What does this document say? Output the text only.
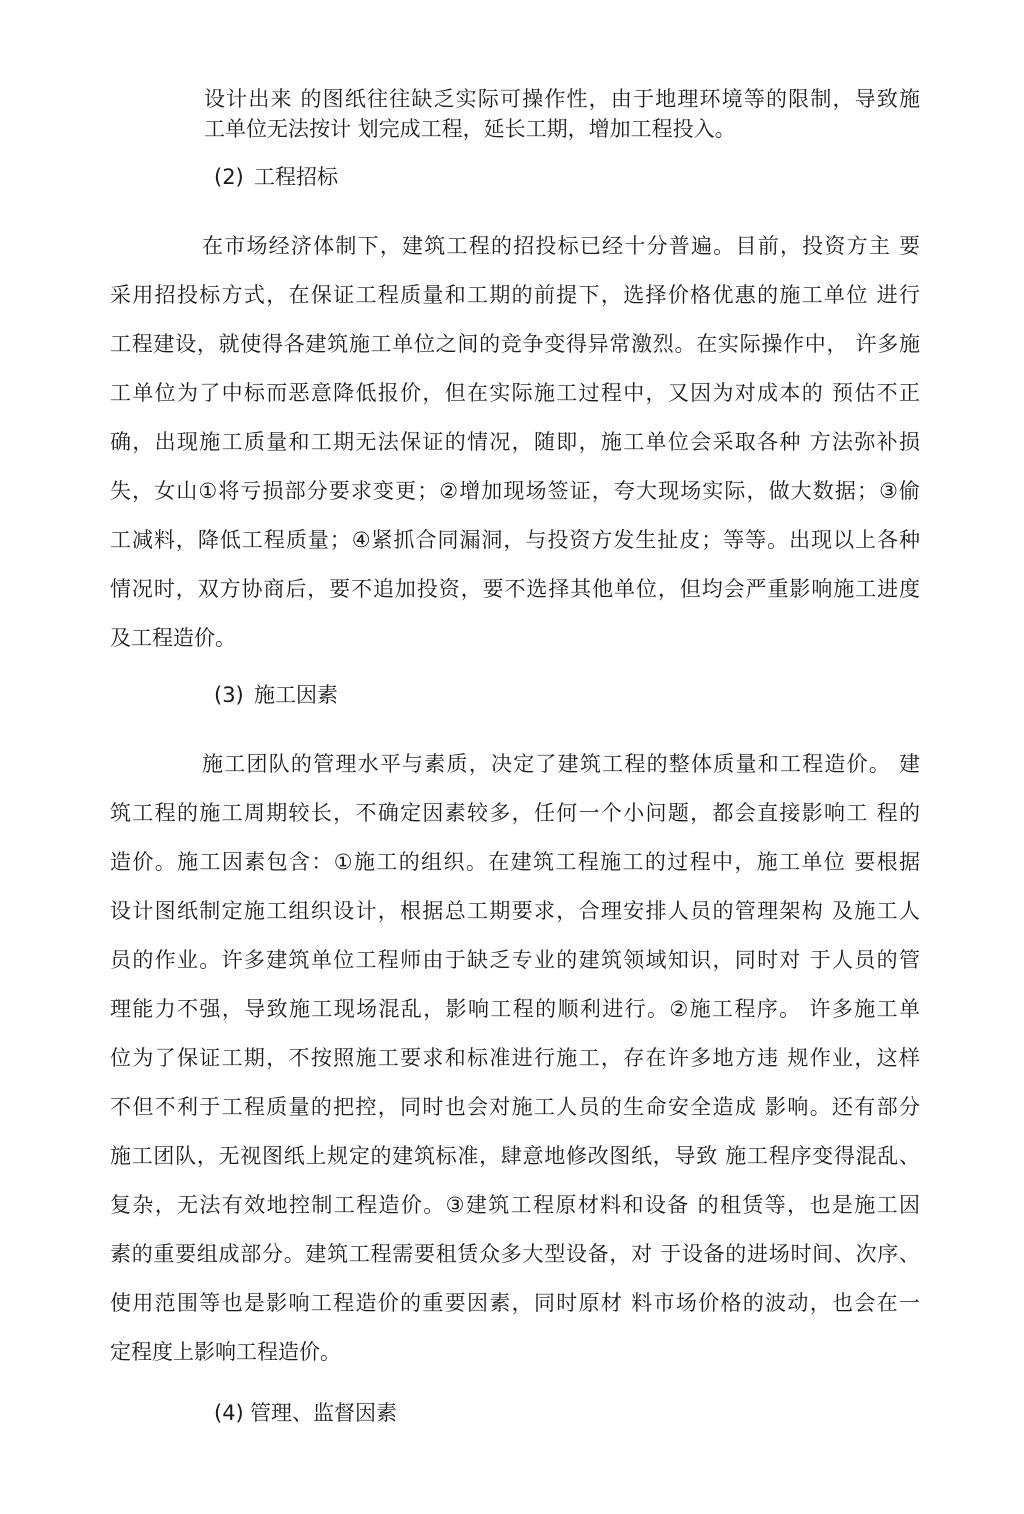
设计出来 的图纸往往缺乏实际可操作性，由于地理环境等的限制，导致施
工单位无法按计 划完成工程，延长工期，增加工程投入。
(2) 工程招标
在市场经济体制下，建筑工程的招投标已经十分普遍。目前，投资方主 要
采用招投标方式，在保证工程质量和工期的前提下，选择价格优惠的施工单位 进行
工程建设，就使得各建筑施工单位之间的竞争变得异常激烈。在实际操作中， 许多施
工单位为了中标而恶意降低报价，但在实际施工过程中，又因为对成本的 预估不正
确，出现施工质量和工期无法保证的情况，随即，施工单位会采取各种 方法弥补损
失，女山①将亏损部分要求变更；②增加现场签证，夸大现场实际，做大数据；③偷
工减料，降低工程质量；④紧抓合同漏洞，与投资方发生扯皮；等等。出现以上各种
情况时，双方协商后，要不追加投资，要不选择其他单位，但均会严重影响施工进度
及工程造价。
(3) 施工因素
施工团队的管理水平与素质，决定了建筑工程的整体质量和工程造价。 建
筑工程的施工周期较长，不确定因素较多，任何一个小问题，都会直接影响工 程的
造价。施工因素包含：①施工的组织。在建筑工程施工的过程中，施工单位 要根据
设计图纸制定施工组织设计，根据总工期要求，合理安排人员的管理架构 及施工人
员的作业。许多建筑单位工程师由于缺乏专业的建筑领域知识，同时对 于人员的管
理能力不强，导致施工现场混乱，影响工程的顺利进行。②施工程序。 许多施工单
位为了保证工期，不按照施工要求和标准进行施工，存在许多地方违 规作业，这样
不但不利于工程质量的把控，同时也会对施工人员的生命安全造成 影响。还有部分
施工团队，无视图纸上规定的建筑标准，肆意地修改图纸，导致 施工程序变得混乱、
复杂，无法有效地控制工程造价。③建筑工程原材料和设备 的租赁等，也是施工因
素的重要组成部分。建筑工程需要租赁众多大型设备，对 于设备的进场时间、次序、
使用范围等也是影响工程造价的重要因素，同时原材 料市场价格的波动，也会在一
定程度上影响工程造价。
(4) 管理、监督因素
